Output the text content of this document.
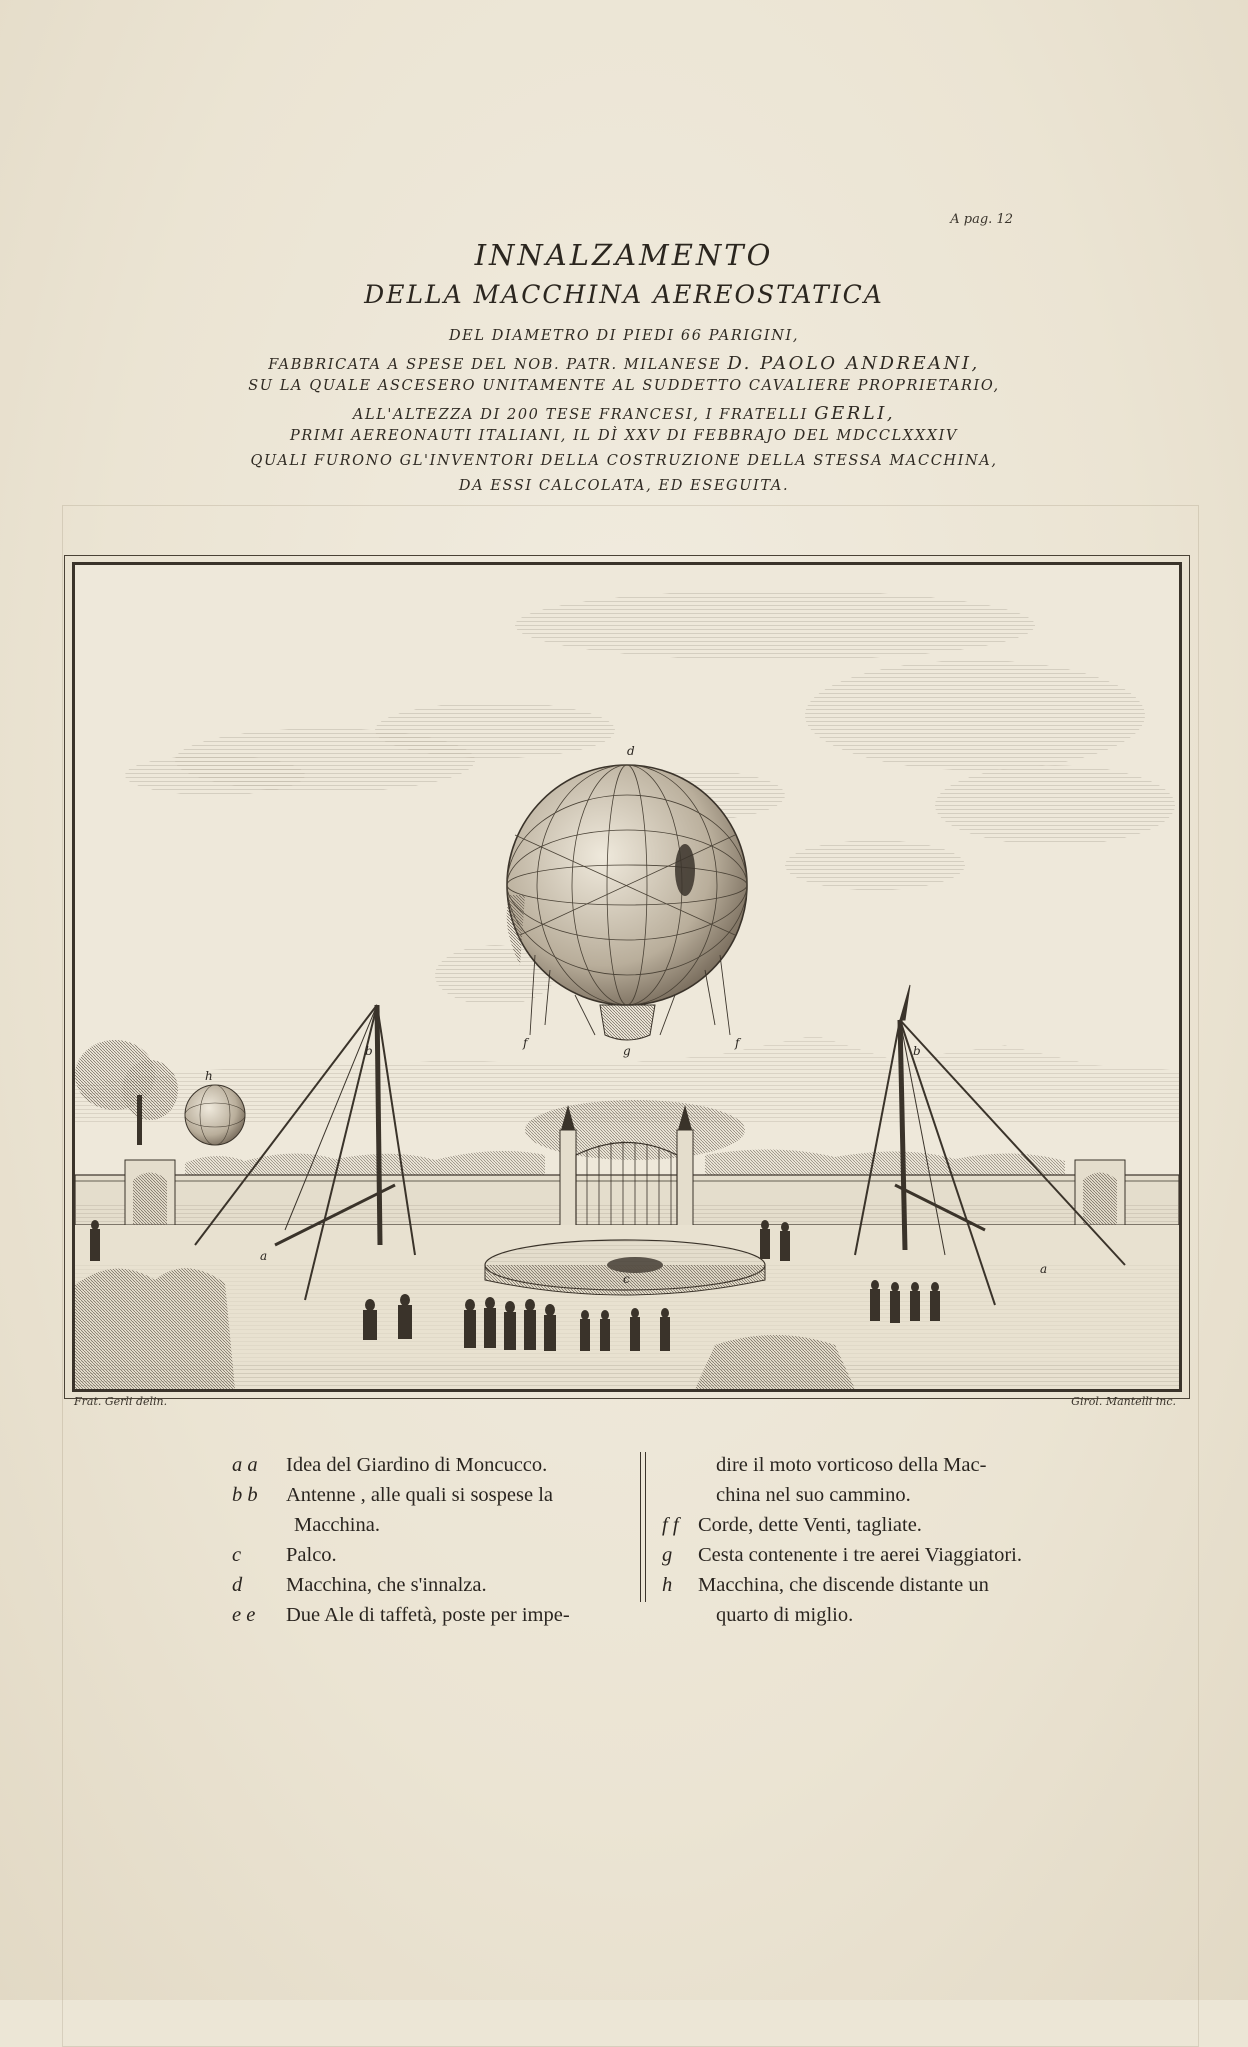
A pag. 12
INNALZAMENTO
DELLA MACCHINA AEREOSTATICA
DEL DIAMETRO DI PIEDI 66 PARIGINI,
FABBRICATA A SPESE DEL NOB. PATR. MILANESE D. PAOLO ANDREANI,
SU LA QUALE ASCESERO UNITAMENTE AL SUDDETTO CAVALIERE PROPRIETARIO,
ALL'ALTEZZA DI 200 TESE FRANCESI, I FRATELLI GERLI,
PRIMI AEREONAUTI ITALIANI, IL DÌ XXV DI FEBBRAJO DEL MDCCLXXXIV
QUALI FURONO GL'INVENTORI DELLA COSTRUZIONE DELLA STESSA MACCHINA,
DA ESSI CALCOLATA, ED ESEGUITA.
d
b	b
h
a
a
c
f	f
g
Frat. Gerli delin.	Girol. Mantelli inc.
a a	Idea del Giardino di Moncucco.
b b	Antenne , alle quali si sospese la
Macchina.
c	Palco.
d	Macchina, che s'innalza.
e e	Due Ale di taffetà, poste per impe-
dire il moto vorticoso della Mac-
china nel suo cammino.
f f Corde, dette Venti, tagliate.
g	Cesta contenente i tre aerei Viaggiatori.
h	Macchina, che discende distante un
quarto di miglio.
